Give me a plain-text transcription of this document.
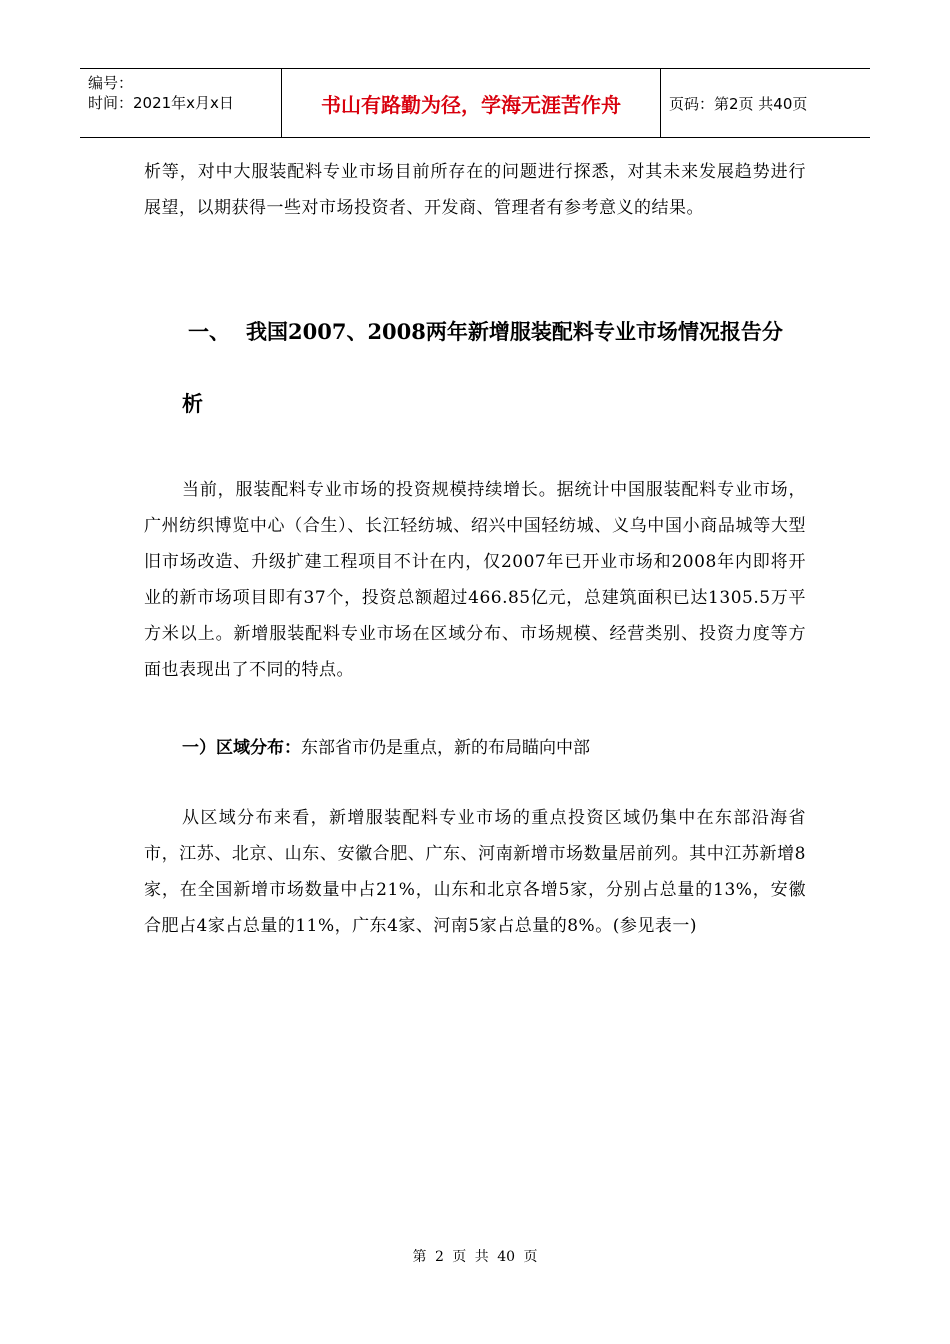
编号：
时间：2021年x月x日	书山有路勤为径，学海无涯苦作舟	页码：第2页 共40页
析等，对中大服装配料专业市场目前所存在的问题进行探悉，对其未来发展趋势进行展望，以期获得一些对市场投资者、开发商、管理者有参考意义的结果。
一、 我国2007、2008两年新增服装配料专业市场情况报告分
析
当前，服装配料专业市场的投资规模持续增长。据统计中国服装配料专业市场，广州纺织博览中心（合生）、长江轻纺城、绍兴中国轻纺城、义乌中国小商品城等大型旧市场改造、升级扩建工程项目不计在内，仅2007年已开业市场和2008年内即将开业的新市场项目即有37个，投资总额超过466.85亿元，总建筑面积已达1305.5万平方米以上。新增服装配料专业市场在区域分布、市场规模、经营类别、投资力度等方面也表现出了不同的特点。
一）区域分布：东部省市仍是重点，新的布局瞄向中部
从区域分布来看，新增服装配料专业市场的重点投资区域仍集中在东部沿海省市，江苏、北京、山东、安徽合肥、广东、河南新增市场数量居前列。其中江苏新增8家，在全国新增市场数量中占21%，山东和北京各增5家，分别占总量的13%，安徽合肥占4家占总量的11%，广东4家、河南5家占总量的8%。(参见表一)
第 2 页 共 40 页
